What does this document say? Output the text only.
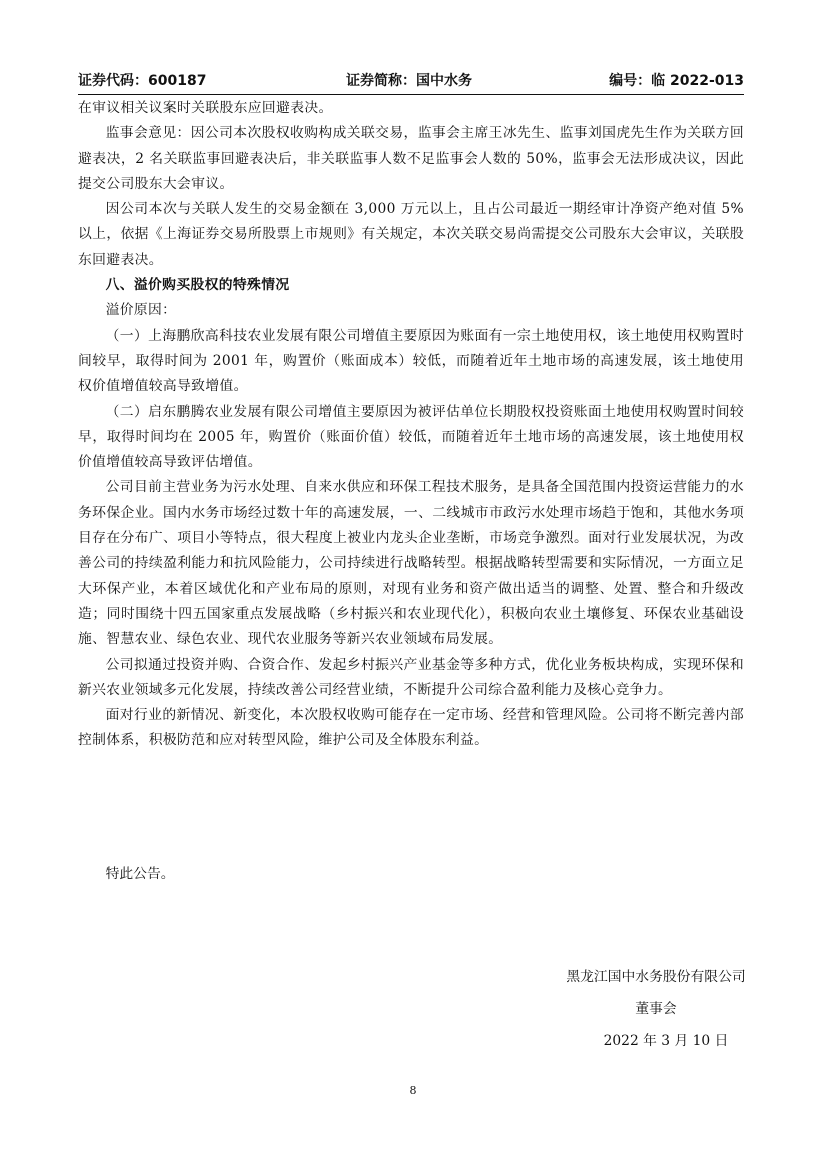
证券代码：600187	证券简称：国中水务	编号：临 2022-013

在审议相关议案时关联股东应回避表决。

监事会意见：因公司本次股权收购构成关联交易，监事会主席王冰先生、监事刘国虎先生作为关联方回避表决，2 名关联监事回避表决后，非关联监事人数不足监事会人数的 50%，监事会无法形成决议，因此提交公司股东大会审议。

因公司本次与关联人发生的交易金额在 3,000 万元以上，且占公司最近一期经审计净资产绝对值 5%以上，依据《上海证券交易所股票上市规则》有关规定，本次关联交易尚需提交公司股东大会审议，关联股东回避表决。

八、溢价购买股权的特殊情况

溢价原因：

（一）上海鹏欣高科技农业发展有限公司增值主要原因为账面有一宗土地使用权，该土地使用权购置时间较早，取得时间为 2001 年，购置价（账面成本）较低，而随着近年土地市场的高速发展，该土地使用权价值增值较高导致增值。

（二）启东鹏腾农业发展有限公司增值主要原因为被评估单位长期股权投资账面土地使用权购置时间较早，取得时间均在 2005 年，购置价（账面价值）较低，而随着近年土地市场的高速发展，该土地使用权价值增值较高导致评估增值。

公司目前主营业务为污水处理、自来水供应和环保工程技术服务，是具备全国范围内投资运营能力的水务环保企业。国内水务市场经过数十年的高速发展，一、二线城市市政污水处理市场趋于饱和，其他水务项目存在分布广、项目小等特点，很大程度上被业内龙头企业垄断，市场竞争激烈。面对行业发展状况，为改善公司的持续盈利能力和抗风险能力，公司持续进行战略转型。根据战略转型需要和实际情况，一方面立足大环保产业，本着区域优化和产业布局的原则，对现有业务和资产做出适当的调整、处置、整合和升级改造；同时围绕十四五国家重点发展战略（乡村振兴和农业现代化），积极向农业土壤修复、环保农业基础设施、智慧农业、绿色农业、现代农业服务等新兴农业领域布局发展。

公司拟通过投资并购、合资合作、发起乡村振兴产业基金等多种方式，优化业务板块构成，实现环保和新兴农业领域多元化发展，持续改善公司经营业绩，不断提升公司综合盈利能力及核心竞争力。

面对行业的新情况、新变化，本次股权收购可能存在一定市场、经营和管理风险。公司将不断完善内部控制体系，积极防范和应对转型风险，维护公司及全体股东利益。

特此公告。
黑龙江国中水务股份有限公司
董事会
2022 年 3 月 10 日
8
